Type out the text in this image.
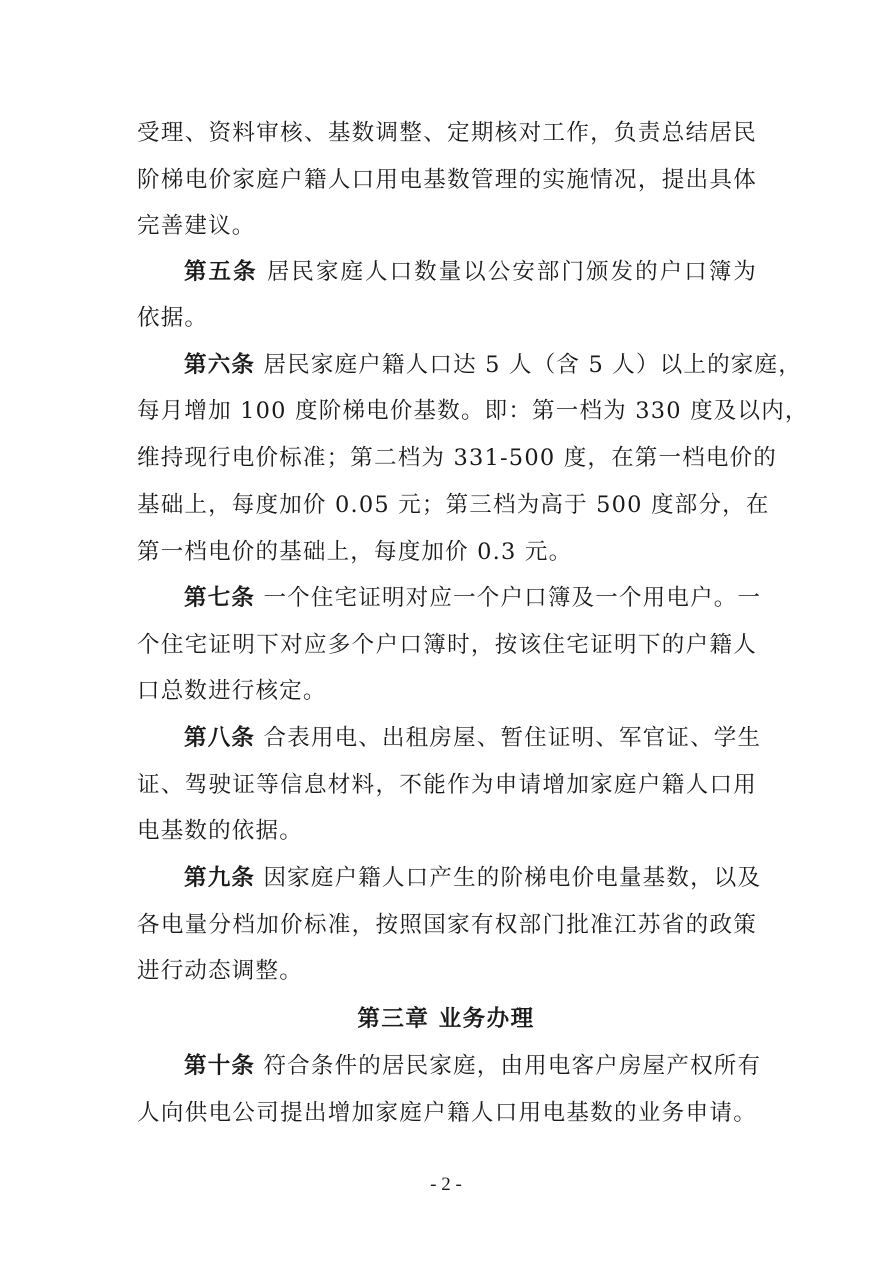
受理、资料审核、基数调整、定期核对工作，负责总结居民
阶梯电价家庭户籍人口用电基数管理的实施情况，提出具体
完善建议。
第五条 居民家庭人口数量以公安部门颁发的户口簿为
依据。
第六条 居民家庭户籍人口达 5 人（含 5 人）以上的家庭，
每月增加 100 度阶梯电价基数。即：第一档为 330 度及以内，
维持现行电价标准；第二档为 331-500 度，在第一档电价的
基础上，每度加价 0.05 元；第三档为高于 500 度部分，在
第一档电价的基础上，每度加价 0.3 元。
第七条 一个住宅证明对应一个户口簿及一个用电户。一
个住宅证明下对应多个户口簿时，按该住宅证明下的户籍人
口总数进行核定。
第八条 合表用电、出租房屋、暂住证明、军官证、学生
证、驾驶证等信息材料，不能作为申请增加家庭户籍人口用
电基数的依据。
第九条 因家庭户籍人口产生的阶梯电价电量基数，以及
各电量分档加价标准，按照国家有权部门批准江苏省的政策
进行动态调整。
第三章 业务办理
第十条 符合条件的居民家庭，由用电客户房屋产权所有
人向供电公司提出增加家庭户籍人口用电基数的业务申请。
- 2 -
